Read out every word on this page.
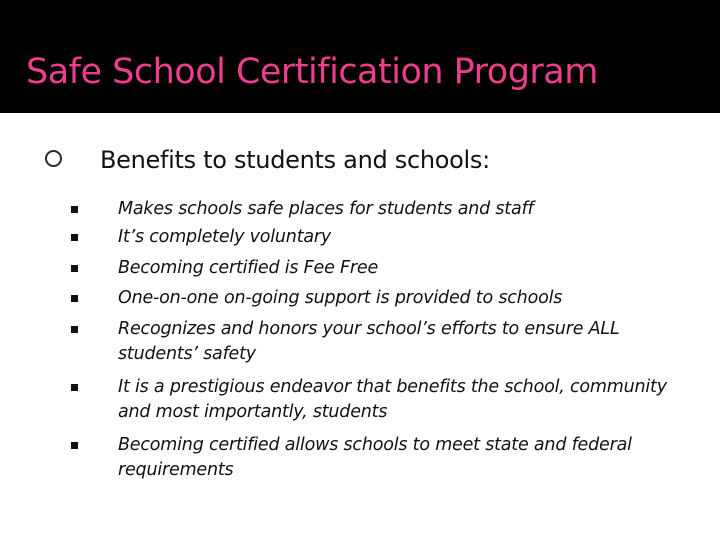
Safe School Certification Program
Benefits to students and schools:
Makes schools safe places for students and staff
It’s completely voluntary
Becoming certified is Fee Free
One-on-one on-going support is provided to schools
Recognizes and honors your school’s efforts to ensure ALL
students’ safety
It is a prestigious endeavor that benefits the school, community
and most importantly, students
Becoming certified allows schools to meet state and federal
requirements
